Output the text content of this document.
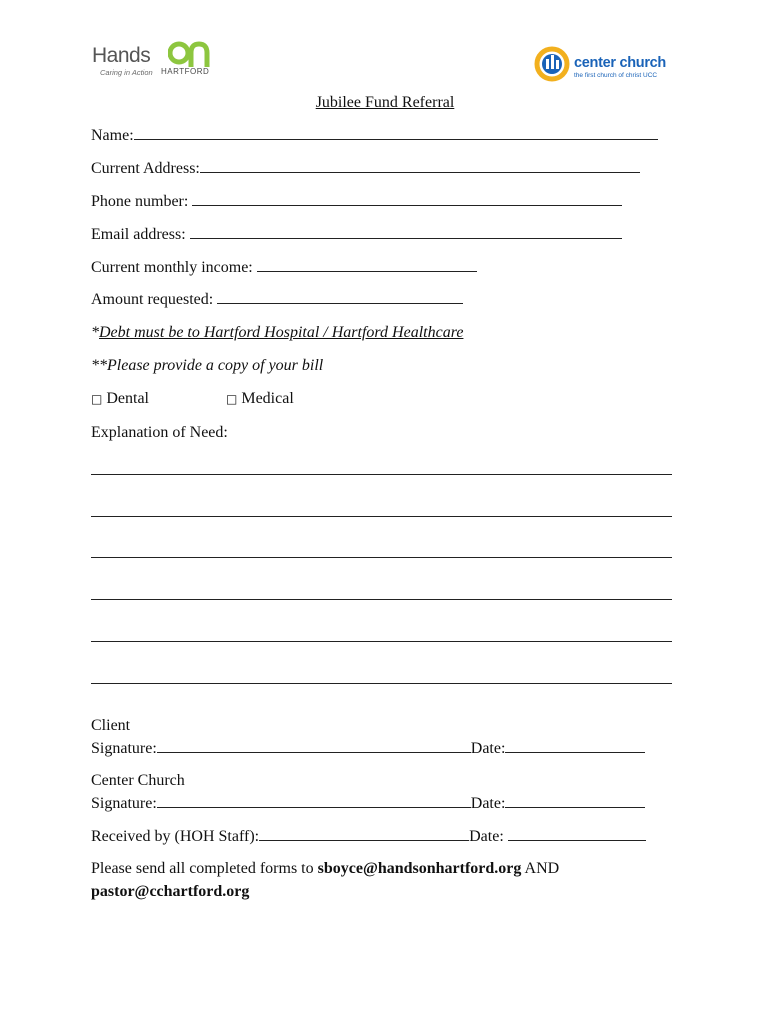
Hands
Caring in Action HARTFORD
center church
the first church of christ UCC
Jubilee Fund Referral
Name:
Current Address:
Phone number:
Email address:
Current monthly income:
Amount requested:
*Debt must be to Hartford Hospital / Hartford Healthcare
**Please provide a copy of your bill
□ Dental	□ Medical
Explanation of Need:
Client
Signature:	Date:
Center Church
Signature:	Date:
Received by (HOH Staff):	Date:
Please send all completed forms to sboyce@handsonhartford.org AND
pastor@cchartford.org
